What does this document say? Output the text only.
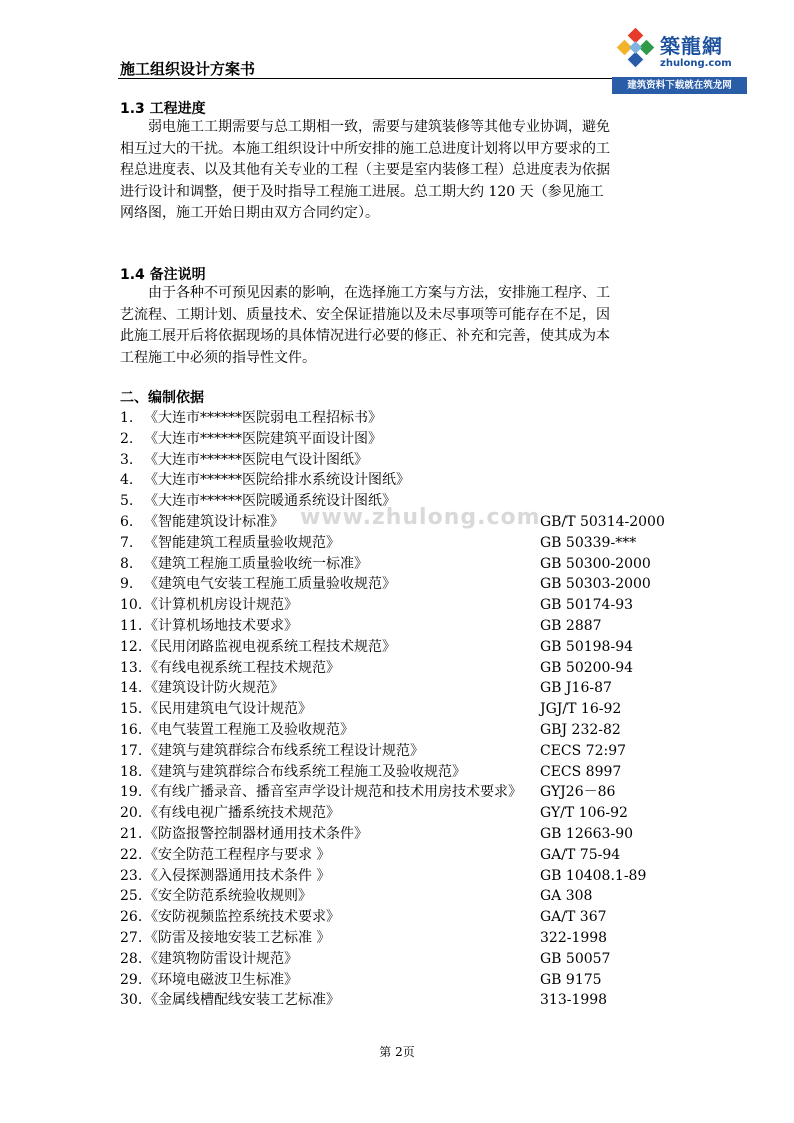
施工组织设计方案书
築龍網
zhulong.com
建筑资料下载就在筑龙网
1.3 工程进度
弱电施工工期需要与总工期相一致，需要与建筑装修等其他专业协调，避免
相互过大的干扰。本施工组织设计中所安排的施工总进度计划将以甲方要求的工
程总进度表、以及其他有关专业的工程（主要是室内装修工程）总进度表为依据
进行设计和调整，便于及时指导工程施工进展。总工期大约 120 天（参见施工
网络图，施工开始日期由双方合同约定）。
1.4 备注说明
由于各种不可预见因素的影响，在选择施工方案与方法，安排施工程序、工
艺流程、工期计划、质量技术、安全保证措施以及未尽事项等可能存在不足，因
此施工展开后将依据现场的具体情况进行必要的修正、补充和完善，使其成为本
工程施工中必须的指导性文件。
二、编制依据
1. 《大连市******医院弱电工程招标书》
2. 《大连市******医院建筑平面设计图》
3. 《大连市******医院电气设计图纸》
4. 《大连市******医院给排水系统设计图纸》
5. 《大连市******医院暖通系统设计图纸》
6. 《智能建筑设计标准》	GB/T 50314-2000
7. 《智能建筑工程质量验收规范》	GB 50339-***
8. 《建筑工程施工质量验收统一标准》	GB 50300-2000
9. 《建筑电气安装工程施工质量验收规范》	GB 50303-2000
10. 《计算机机房设计规范》	GB 50174-93
11. 《计算机场地技术要求》	GB 2887
12. 《民用闭路监视电视系统工程技术规范》	GB 50198-94
13. 《有线电视系统工程技术规范》	GB 50200-94
14. 《建筑设计防火规范》	GB J16-87
15. 《民用建筑电气设计规范》	JGJ/T 16-92
16. 《电气装置工程施工及验收规范》	GBJ 232-82
17. 《建筑与建筑群综合布线系统工程设计规范》	CECS 72:97
18. 《建筑与建筑群综合布线系统工程施工及验收规范》	CECS 8997
19. 《有线广播录音、播音室声学设计规范和技术用房技术要求》 GYJ26－86
20. 《有线电视广播系统技术规范》	GY/T 106-92
21. 《防盗报警控制器材通用技术条件》	GB 12663-90
22. 《安全防范工程程序与要求 》	GA/T 75-94
23. 《入侵探测器通用技术条件 》	GB 10408.1-89
25. 《安全防范系统验收规则》	GA 308
26. 《安防视频监控系统技术要求》	GA/T 367
27. 《防雷及接地安装工艺标准 》	322-1998
28. 《建筑物防雷设计规范》	GB 50057
29. 《环境电磁波卫生标准》	GB 9175
30. 《金属线槽配线安装工艺标准》	313-1998
www.zhulong.com
第 2页
